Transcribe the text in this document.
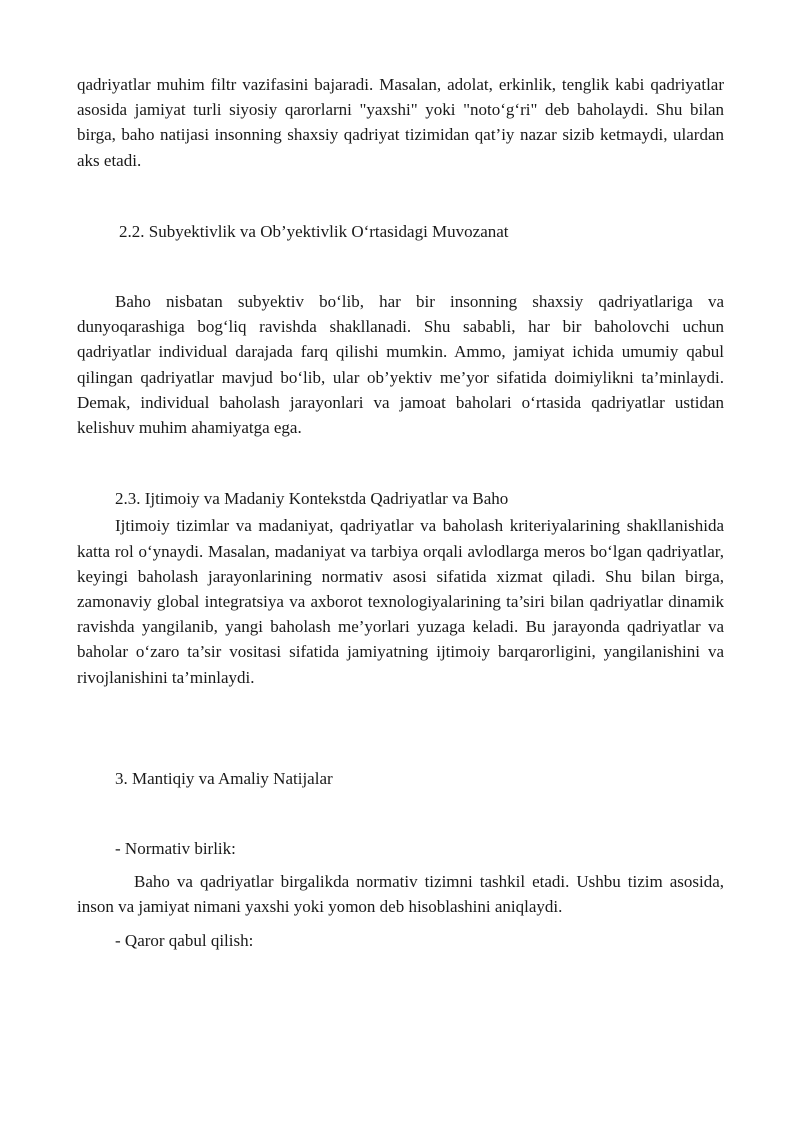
qadriyatlar muhim filtr vazifasini bajaradi. Masalan, adolat, erkinlik, tenglik kabi qadriyatlar asosida jamiyat turli siyosiy qarorlarni "yaxshi" yoki "noto‘g‘ri" deb baholaydi. Shu bilan birga, baho natijasi insonning shaxsiy qadriyat tizimidan qat’iy nazar sizib ketmaydi, ulardan aks etadi.

2.2. Subyektivlik va Ob’yektivlik O‘rtasidagi Muvozanat

Baho nisbatan subyektiv bo‘lib, har bir insonning shaxsiy qadriyatlariga va dunyoqarashiga bog‘liq ravishda shakllanadi. Shu sababli, har bir baholovchi uchun qadriyatlar individual darajada farq qilishi mumkin. Ammo, jamiyat ichida umumiy qabul qilingan qadriyatlar mavjud bo‘lib, ular ob’yektiv me’yor sifatida doimiylikni ta’minlaydi. Demak, individual baholash jarayonlari va jamoat baholari o‘rtasida qadriyatlar ustidan kelishuv muhim ahamiyatga ega.

2.3. Ijtimoiy va Madaniy Kontekstda Qadriyatlar va Baho

Ijtimoiy tizimlar va madaniyat, qadriyatlar va baholash kriteriyalarining shakllanishida katta rol o‘ynaydi. Masalan, madaniyat va tarbiya orqali avlodlarga meros bo‘lgan qadriyatlar, keyingi baholash jarayonlarining normativ asosi sifatida xizmat qiladi. Shu bilan birga, zamonaviy global integratsiya va axborot texnologiyalarining ta’siri bilan qadriyatlar dinamik ravishda yangilanib, yangi baholash me’yorlari yuzaga keladi. Bu jarayonda qadriyatlar va baholar o‘zaro ta’sir vositasi sifatida jamiyatning ijtimoiy barqarorligini, yangilanishini va rivojlanishini ta’minlaydi.

3. Mantiqiy va Amaliy Natijalar

- Normativ birlik:

Baho va qadriyatlar birgalikda normativ tizimni tashkil etadi. Ushbu tizim asosida, inson va jamiyat nimani yaxshi yoki yomon deb hisoblashini aniqlaydi.

- Qaror qabul qilish:
